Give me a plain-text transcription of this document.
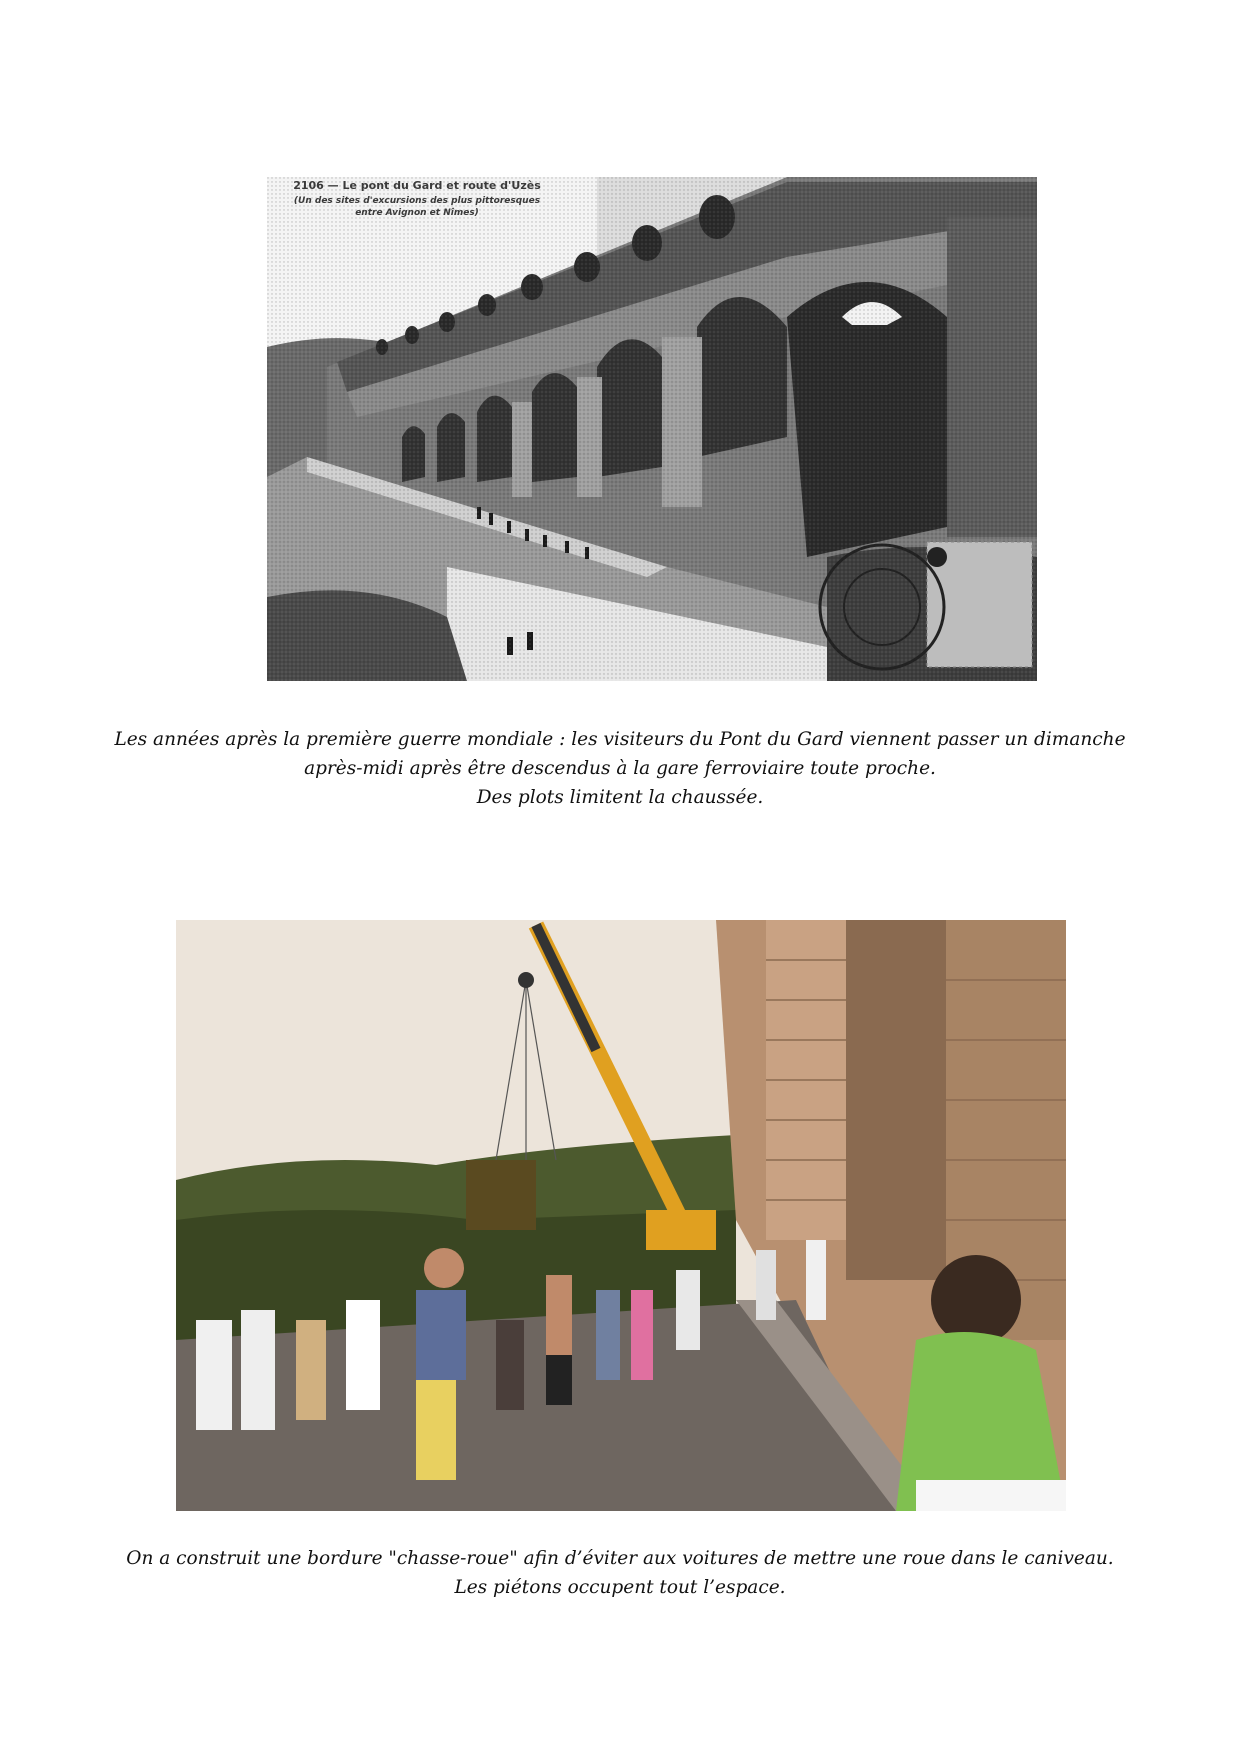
2106 — Le pont du Gard et route d'Uzès
(Un des sites d'excursions des plus pittoresques
entre Avignon et Nîmes)
Les années après la première guerre mondiale : les visiteurs du Pont du Gard viennent passer un dimanche
après-midi après être descendus à la gare ferroviaire toute proche.
Des plots limitent la chaussée.
On a construit une bordure "chasse-roue" afin d’éviter aux voitures de mettre une roue dans le caniveau.
Les piétons occupent tout l’espace.
